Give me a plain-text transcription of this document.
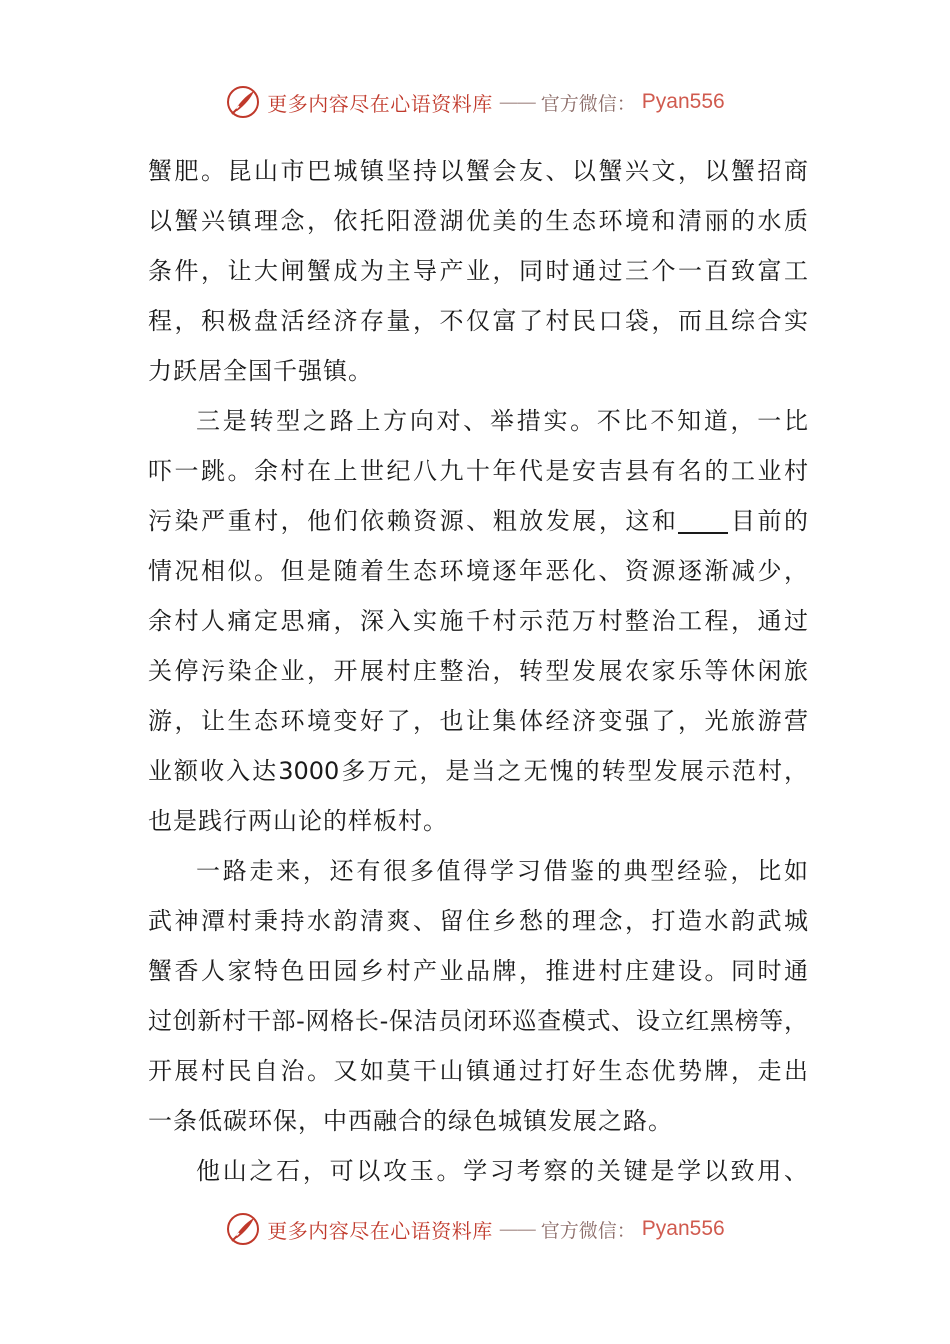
更多内容尽在心语资料库 —— 官方微信： Pyan556
蟹肥。昆山市巴城镇坚持以蟹会友、以蟹兴文，以蟹招商
以蟹兴镇理念，依托阳澄湖优美的生态环境和清丽的水质
条件，让大闸蟹成为主导产业，同时通过三个一百致富工
程，积极盘活经济存量，不仅富了村民口袋，而且综合实
力跃居全国千强镇。
三是转型之路上方向对、举措实。不比不知道，一比
吓一跳。余村在上世纪八九十年代是安吉县有名的工业村
污染严重村，他们依赖资源、粗放发展，这和 目前的
情况相似。但是随着生态环境逐年恶化、资源逐渐减少，
余村人痛定思痛，深入实施千村示范万村整治工程，通过
关停污染企业，开展村庄整治，转型发展农家乐等休闲旅
游，让生态环境变好了，也让集体经济变强了，光旅游营
业额收入达3000多万元，是当之无愧的转型发展示范村，
也是践行两山论的样板村。
一路走来，还有很多值得学习借鉴的典型经验，比如
武神潭村秉持水韵清爽、留住乡愁的理念，打造水韵武城
蟹香人家特色田园乡村产业品牌，推进村庄建设。同时通
过创新村干部-网格长-保洁员闭环巡查模式、设立红黑榜等，
开展村民自治。又如莫干山镇通过打好生态优势牌，走出
一条低碳环保，中西融合的绿色城镇发展之路。
他山之石，可以攻玉。学习考察的关键是学以致用、
更多内容尽在心语资料库 —— 官方微信： Pyan556
